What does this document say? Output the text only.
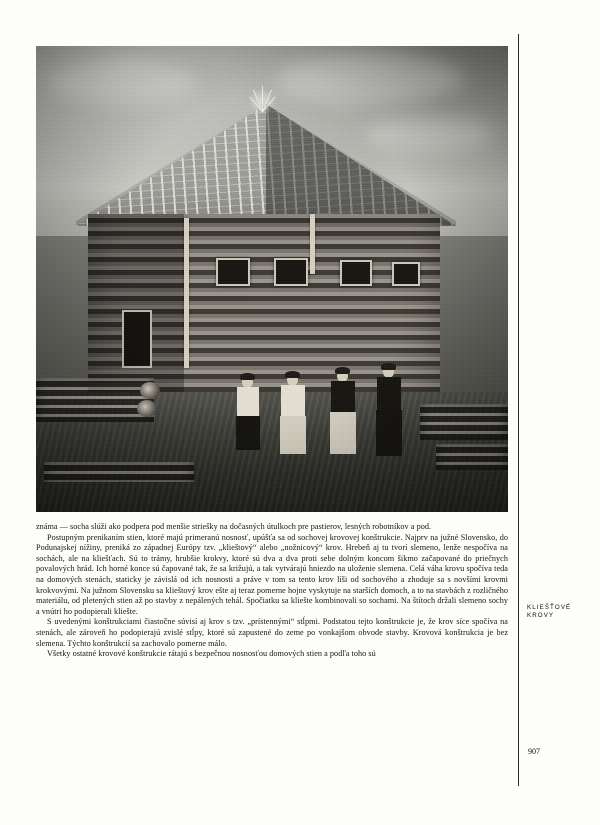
známa — socha slúži ako podpera pod menšie striešky na dočasných útulkoch pre pastierov, lesných robotníkov a pod.

Postupným prenikaním stien, ktoré majú primeranú nosnosť, upúšťa sa od sochovej krovovej konštrukcie. Najprv na južné Slovensko, do Podunajskej nížiny, preniká zo západnej Európy tzv. „klieštový“ alebo „nožnicový“ krov. Hrebeň aj tu tvorí slemeno, lenže nespočíva na sochách, ale na kliešťach. Sú to trámy, hrubšie krokvy, ktoré sú dva a dva proti sebe dolným koncom šikmo začapované do priečnych povalových hrád. Ich horné konce sú čapované tak, že sa križujú, a tak vytvárajú hniezdo na uloženie slemena. Celá váha krovu spočíva teda na domových stenách, staticky je závislá od ich nosnosti a práve v tom sa tento krov líši od sochového a zhoduje sa s novšími krovmi krokvovými. Na južnom Slovensku sa klieštový krov ešte aj teraz pomerne hojne vyskytuje na starších domoch, a to na stavbách z rozličného materiálu, od pletených stien až po stavby z nepálených tehál. Spočiatku sa kliešte kombinovali so sochami. Na štítoch držali slemeno sochy a vnútri ho podopierali kliešte.

S uvedenými konštrukciami čiastočne súvisí aj krov s tzv. „prístennými“ stĺpmi. Podstatou tejto konštrukcie je, že krov síce spočíva na stenách, ale zároveň ho podopierajú zvislé stĺpy, ktoré sú zapustené do zeme po vonkajšom obvode stavby. Krovová konštrukcia je bez slemena. Týchto konštrukcií sa zachovalo pomerne málo.

Všetky ostatné krovové konštrukcie rátajú s bezpečnou nosnosťou domových stien a podľa toho sú

KLIEŠŤOVÉ
KROVY
907
